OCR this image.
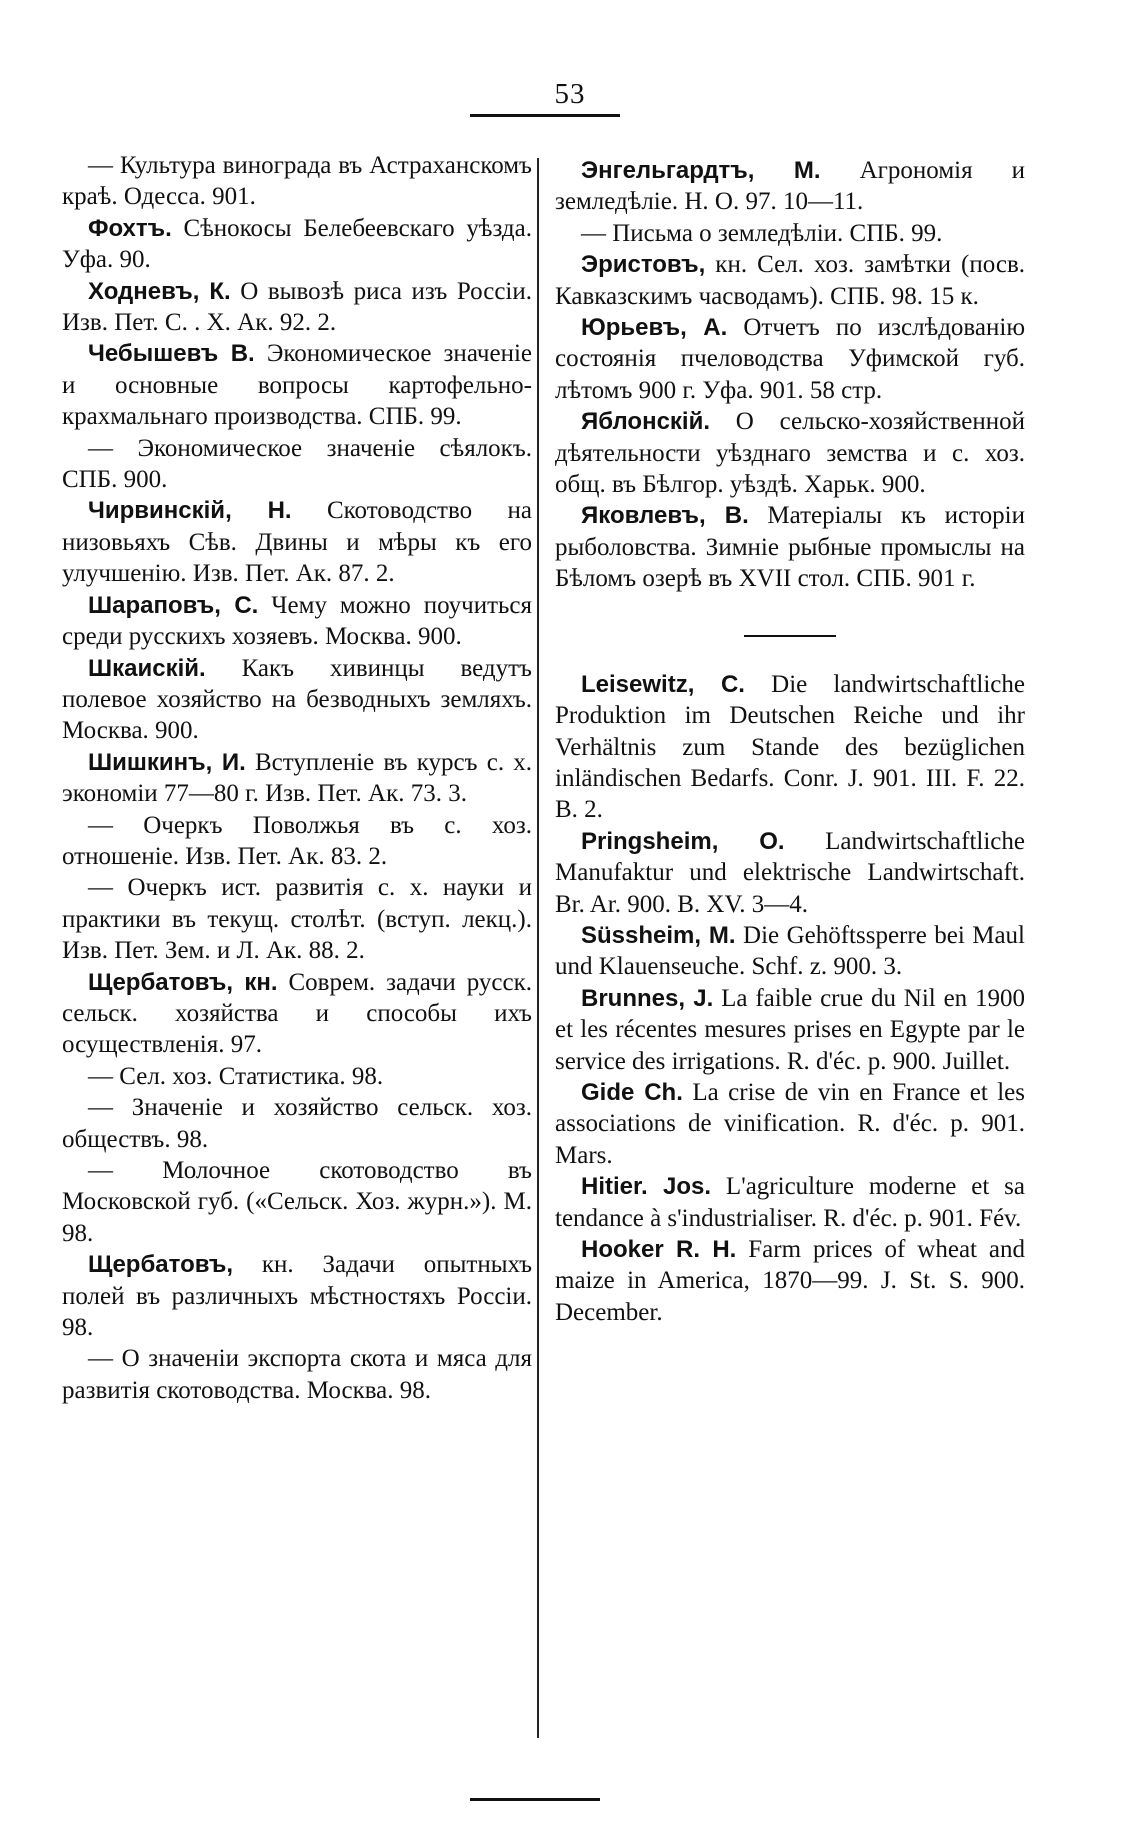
53

— Культура винограда въ Астраханскомъ краѣ. Одесса. 901.

Фохтъ. Сѣнокосы Белебеевскаго уѣзда. Уфа. 90.

Ходневъ, К. О вывозѣ риса изъ Россіи. Изв. Пет. С. . Х. Ак. 92. 2.

Чебышевъ В. Экономическое значеніе и основные вопросы картофельно-крахмальнаго производства. СПБ. 99.

— Экономическое значеніе сѣялокъ. СПБ. 900.

Чирвинскій, Н. Скотоводство на низовьяхъ Сѣв. Двины и мѣры къ его улучшенію. Изв. Пет. Ак. 87. 2.

Шараповъ, С. Чему можно поучиться среди русскихъ хозяевъ. Москва. 900.

Шкаискій. Какъ хивинцы ведутъ полевое хозяйство на безводныхъ земляхъ. Москва. 900.

Шишкинъ, И. Вступленіе въ курсъ с. х. экономіи 77—80 г. Изв. Пет. Ак. 73. 3.

— Очеркъ Поволжья въ с. хоз. отношеніе. Изв. Пет. Ак. 83. 2.

— Очеркъ ист. развитія с. х. науки и практики въ текущ. столѣт. (вступ. лекц.). Изв. Пет. Зем. и Л. Ак. 88. 2.

Щербатовъ, кн. Соврем. задачи русск. сельск. хозяйства и способы ихъ осуществленія. 97.

— Сел. хоз. Статистика. 98.

— Значеніе и хозяйство сельск. хоз. обществъ. 98.

— Молочное скотоводство въ Московской губ. («Сельск. Хоз. журн.»). М. 98.

Щербатовъ, кн. Задачи опытныхъ полей въ различныхъ мѣстностяхъ Россіи. 98.

— О значеніи экспорта скота и мяса для развитія скотоводства. Москва. 98.

Энгельгардтъ, М. Агрономія и земледѣліе. Н. О. 97. 10—11.

— Письма о земледѣліи. СПБ. 99.

Эристовъ, кн. Сел. хоз. замѣтки (посв. Кавказскимъ часводамъ). СПБ. 98. 15 к.

Юрьевъ, А. Отчетъ по изслѣдованію состоянія пчеловодства Уфимской губ. лѣтомъ 900 г. Уфа. 901. 58 стр.

Яблонскій. О сельско-хозяйственной дѣятельности уѣзднаго земства и с. хоз. общ. въ Бѣлгор. уѣздѣ. Харьк. 900.

Яковлевъ, В. Матеріалы къ исторіи рыболовства. Зимніе рыбные промыслы на Бѣломъ озерѣ въ XVII стол. СПБ. 901 г.

Leisewitz, C. Die landwirtschaftliche Produktion im Deutschen Reiche und ihr Verhältnis zum Stande des bezüglichen inländischen Bedarfs. Conr. J. 901. III. F. 22. B. 2.

Pringsheim, O. Landwirtschaftliche Manufaktur und elektrische Landwirtschaft. Br. Ar. 900. B. XV. 3—4.

Süssheim, M. Die Gehöftssperre bei Maul und Klauenseuche. Schf. z. 900. 3.

Brunnes, J. La faible crue du Nil en 1900 et les récentes mesures prises en Egypte par le service des irrigations. R. d'éc. p. 900. Juillet.

Gide Ch. La crise de vin en France et les associations de vinification. R. d'éc. p. 901. Mars.

Hitier. Jos. L'agriculture moderne et sa tendance à s'industrialiser. R. d'éc. p. 901. Fév.

Hooker R. H. Farm prices of wheat and maize in America, 1870—99. J. St. S. 900. December.
